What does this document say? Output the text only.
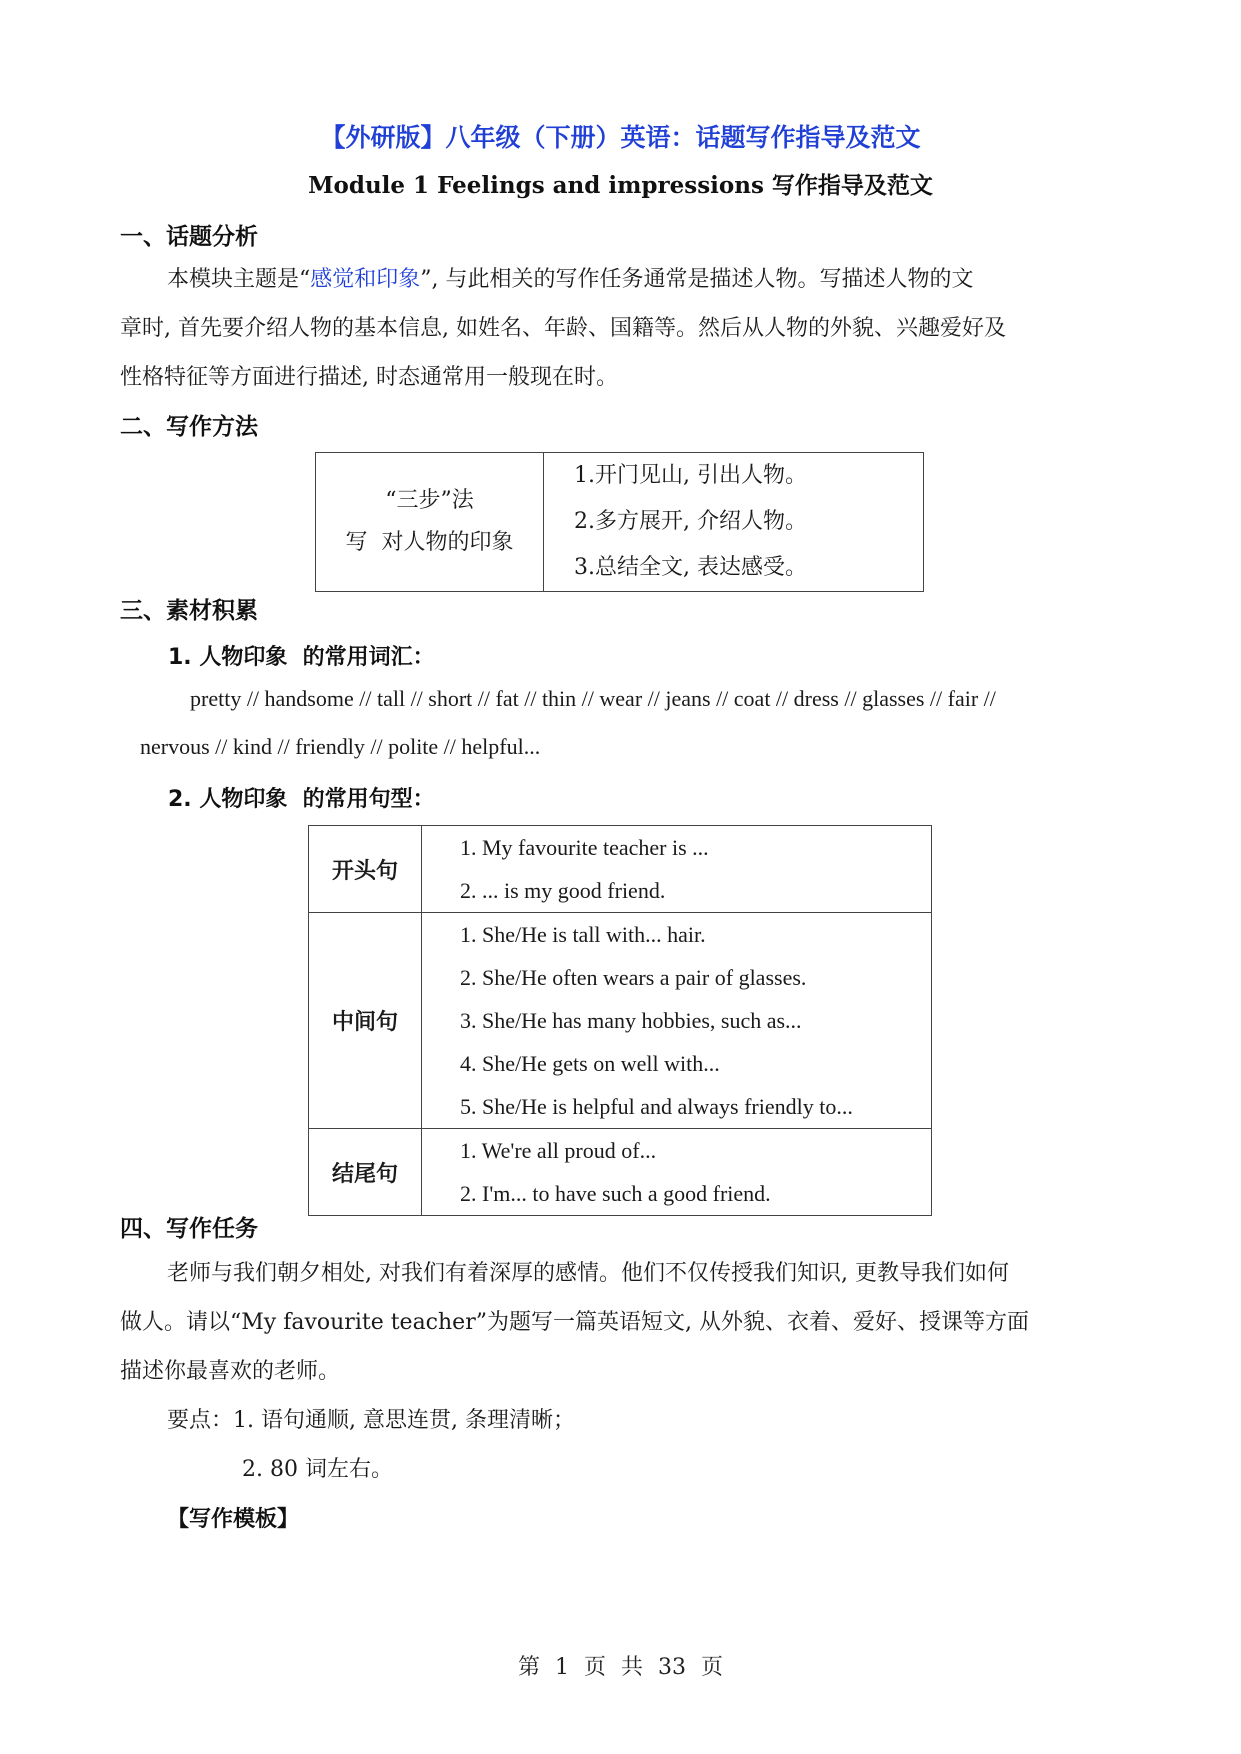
【外研版】八年级（下册）英语：话题写作指导及范文
Module 1 Feelings and impressions 写作指导及范文
一、话题分析
本模块主题是“感觉和印象”, 与此相关的写作任务通常是描述人物。写描述人物的文
章时, 首先要介绍人物的基本信息, 如姓名、年龄、国籍等。然后从人物的外貌、兴趣爱好及
性格特征等方面进行描述, 时态通常用一般现在时。
二、写作方法
“三步”法
写  对人物的印象

1.开门见山, 引出人物。
2.多方展开, 介绍人物。
3.总结全文, 表达感受。
三、素材积累
1. 人物印象  的常用词汇：
pretty // handsome // tall // short // fat // thin // wear // jeans // coat // dress // glasses // fair //
nervous // kind // friendly // polite // helpful...
2. 人物印象  的常用句型：
开头句	1. My favourite teacher is ...
2. ... is my good friend.

中间句	1. She/He is tall with... hair.
2. She/He often wears a pair of glasses.
3. She/He has many hobbies, such as...
4. She/He gets on well with...
5. She/He is helpful and always friendly to...

结尾句	1. We're all proud of...
2. I'm... to have such a good friend.
四、写作任务
老师与我们朝夕相处, 对我们有着深厚的感情。他们不仅传授我们知识, 更教导我们如何
做人。请以“My favourite teacher”为题写一篇英语短文, 从外貌、衣着、爱好、授课等方面
描述你最喜欢的老师。
要点：1. 语句通顺, 意思连贯, 条理清晰；
2. 80 词左右。
【写作模板】
第 1 页 共 33 页
